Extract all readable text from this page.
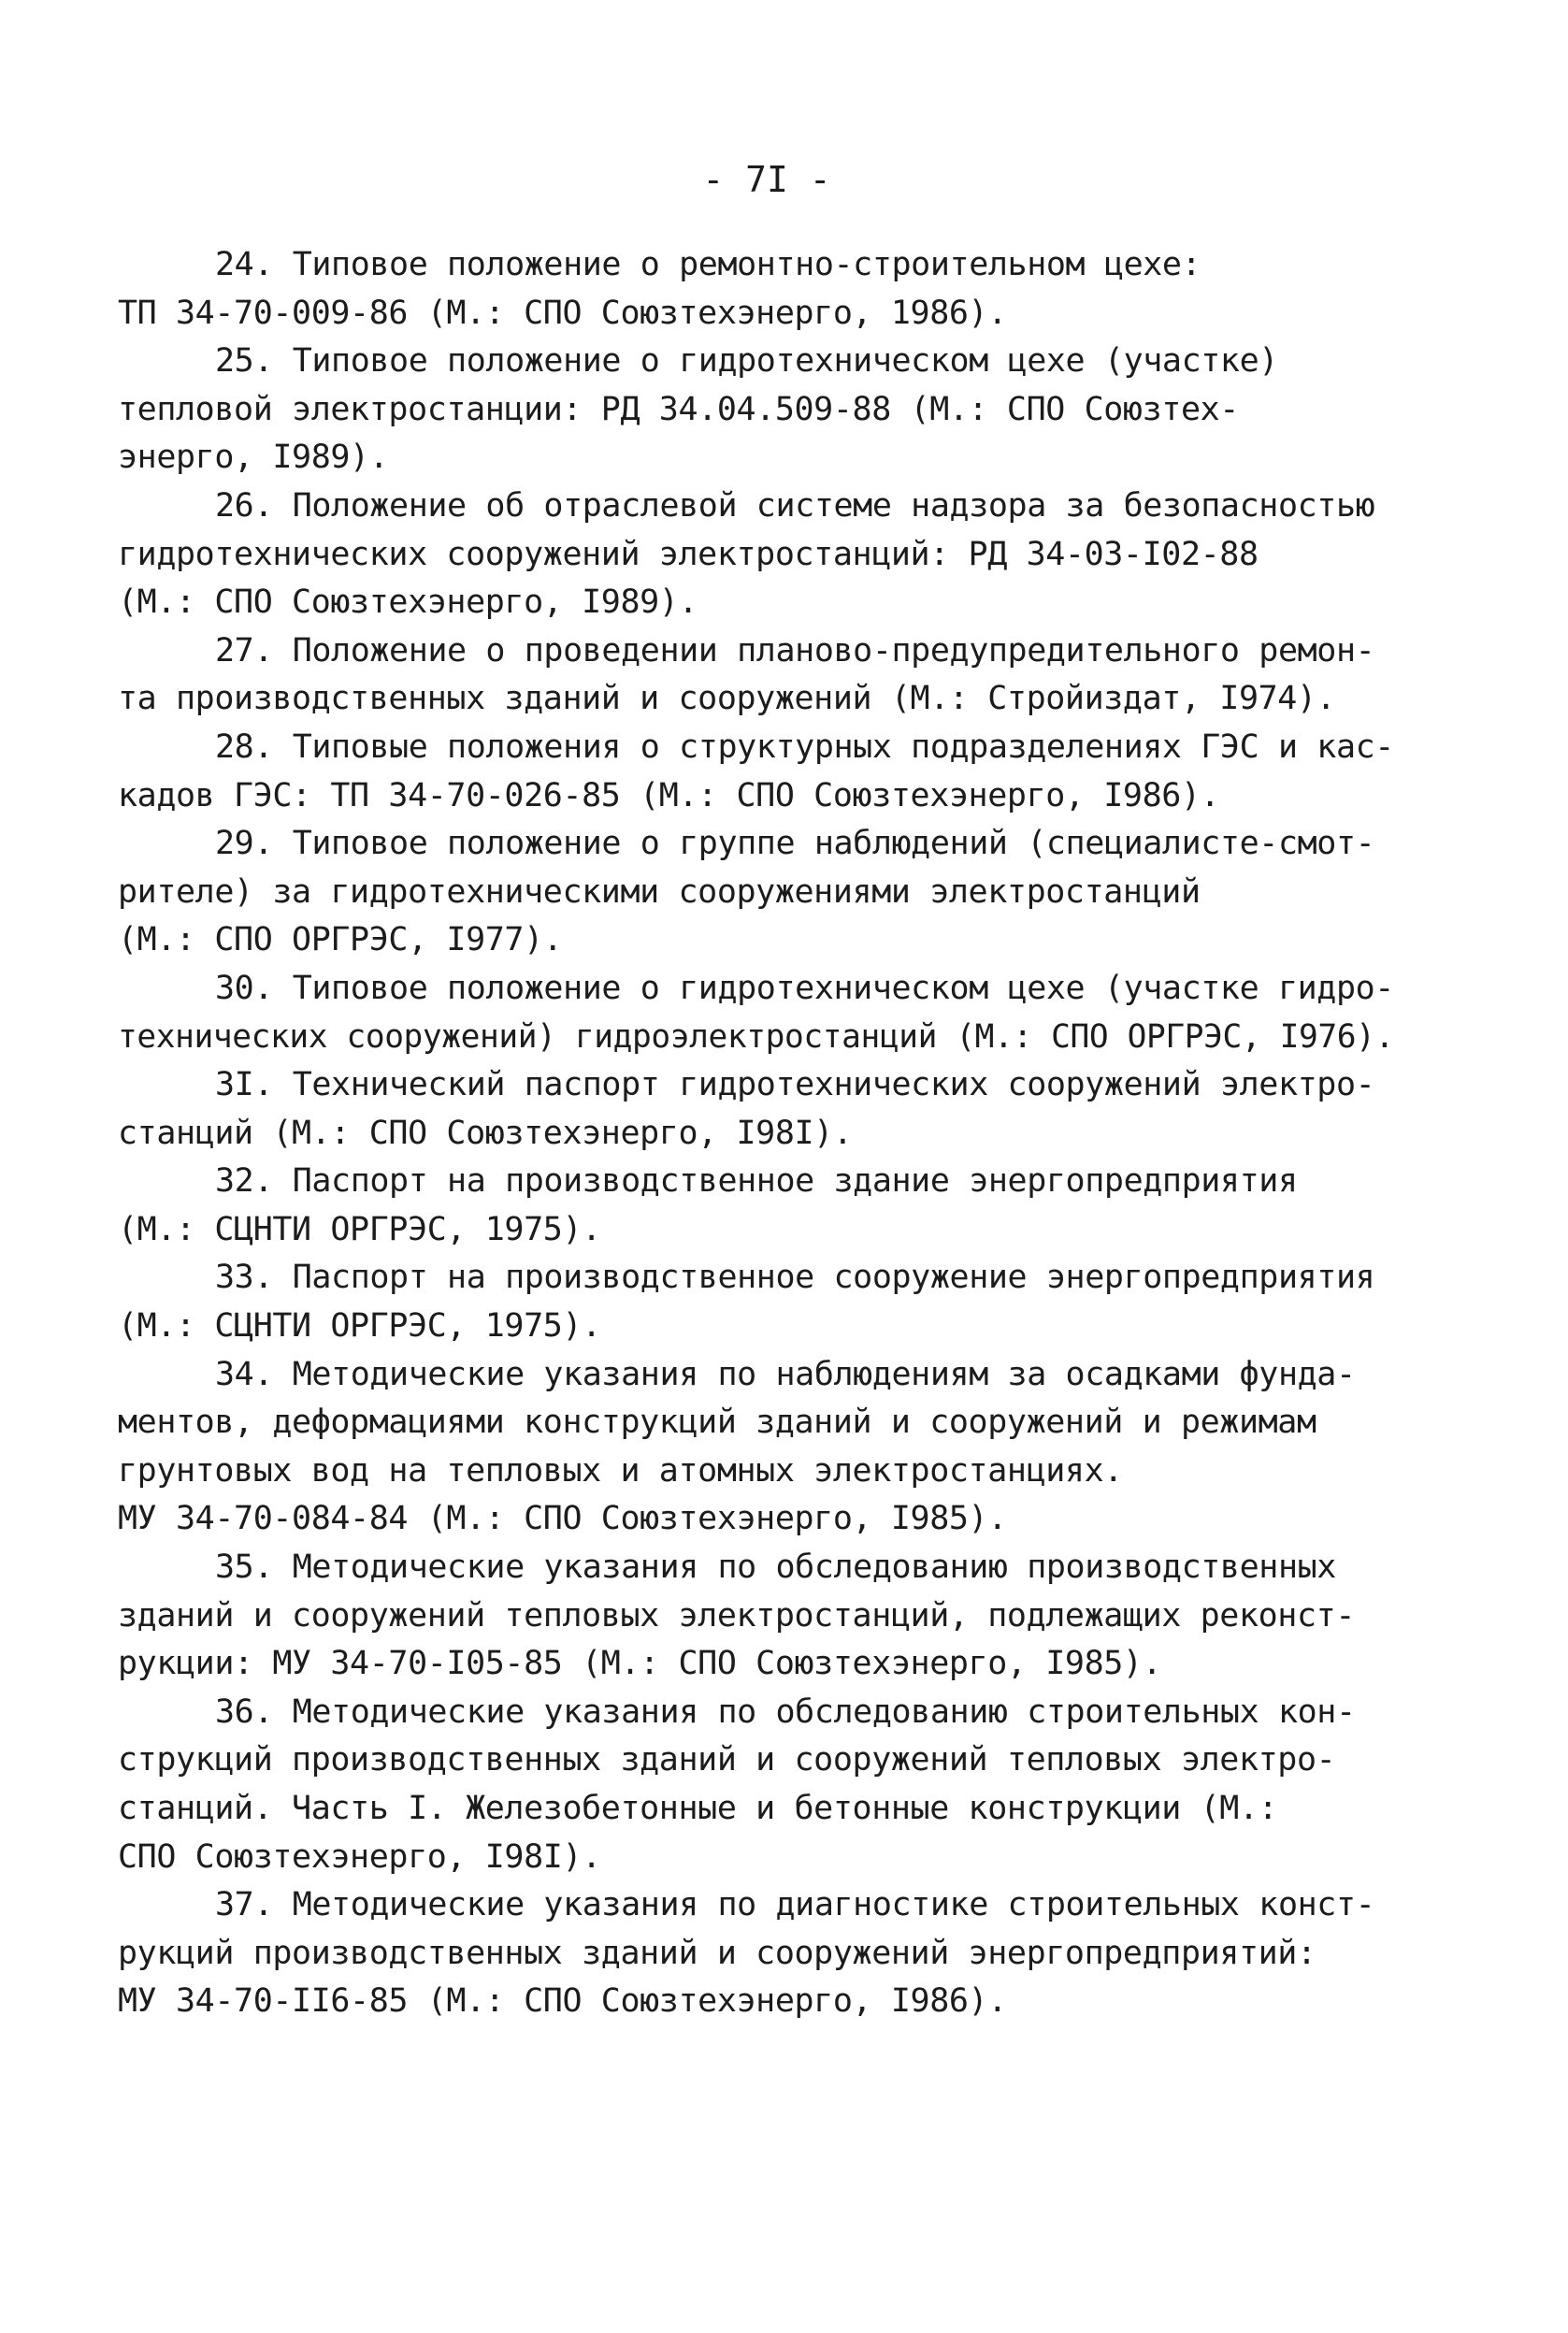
- 7I -
24. Типовое положение о ремонтно-строительном цехе:
ТП 34-70-009-86 (М.: СПО Союзтехэнерго, 1986).
25. Типовое положение о гидротехническом цехе (участке)
тепловой электростанции: РД 34.04.509-88 (М.: СПО Союзтех-
энерго, I989).
26. Положение об отраслевой системе надзора за безопасностью
гидротехнических сооружений электростанций: РД 34-03-I02-88
(М.: СПО Союзтехэнерго, I989).
27. Положение о проведении планово-предупредительного ремон-
та производственных зданий и сооружений (М.: Стройиздат, I974).
28. Типовые положения о структурных подразделениях ГЭС и кас-
кадов ГЭС: ТП 34-70-026-85 (М.: СПО Союзтехэнерго, I986).
29. Типовое положение о группе наблюдений (специалисте-смот-
рителе) за гидротехническими сооружениями электростанций
(М.: СПО ОРГРЭС, I977).
30. Типовое положение о гидротехническом цехе (участке гидро-
технических сооружений) гидроэлектростанций (М.: СПО ОРГРЭС, I976).
3I. Технический паспорт гидротехнических сооружений электро-
станций (М.: СПО Союзтехэнерго, I98I).
32. Паспорт на производственное здание энергопредприятия
(М.: СЦНТИ ОРГРЭС, 1975).
33. Паспорт на производственное сооружение энергопредприятия
(М.: СЦНТИ ОРГРЭС, 1975).
34. Методические указания по наблюдениям за осадками фунда-
ментов, деформациями конструкций зданий и сооружений и режимам
грунтовых вод на тепловых и атомных электростанциях.
МУ 34-70-084-84 (М.: СПО Союзтехэнерго, I985).
35. Методические указания по обследованию производственных
зданий и сооружений тепловых электростанций, подлежащих реконст-
рукции: МУ 34-70-I05-85 (М.: СПО Союзтехэнерго, I985).
36. Методические указания по обследованию строительных кон-
струкций производственных зданий и сооружений тепловых электро-
станций. Часть I. Железобетонные и бетонные конструкции (М.:
СПО Союзтехэнерго, I98I).
37. Методические указания по диагностике строительных конст-
рукций производственных зданий и сооружений энергопредприятий:
МУ 34-70-II6-85 (М.: СПО Союзтехэнерго, I986).
